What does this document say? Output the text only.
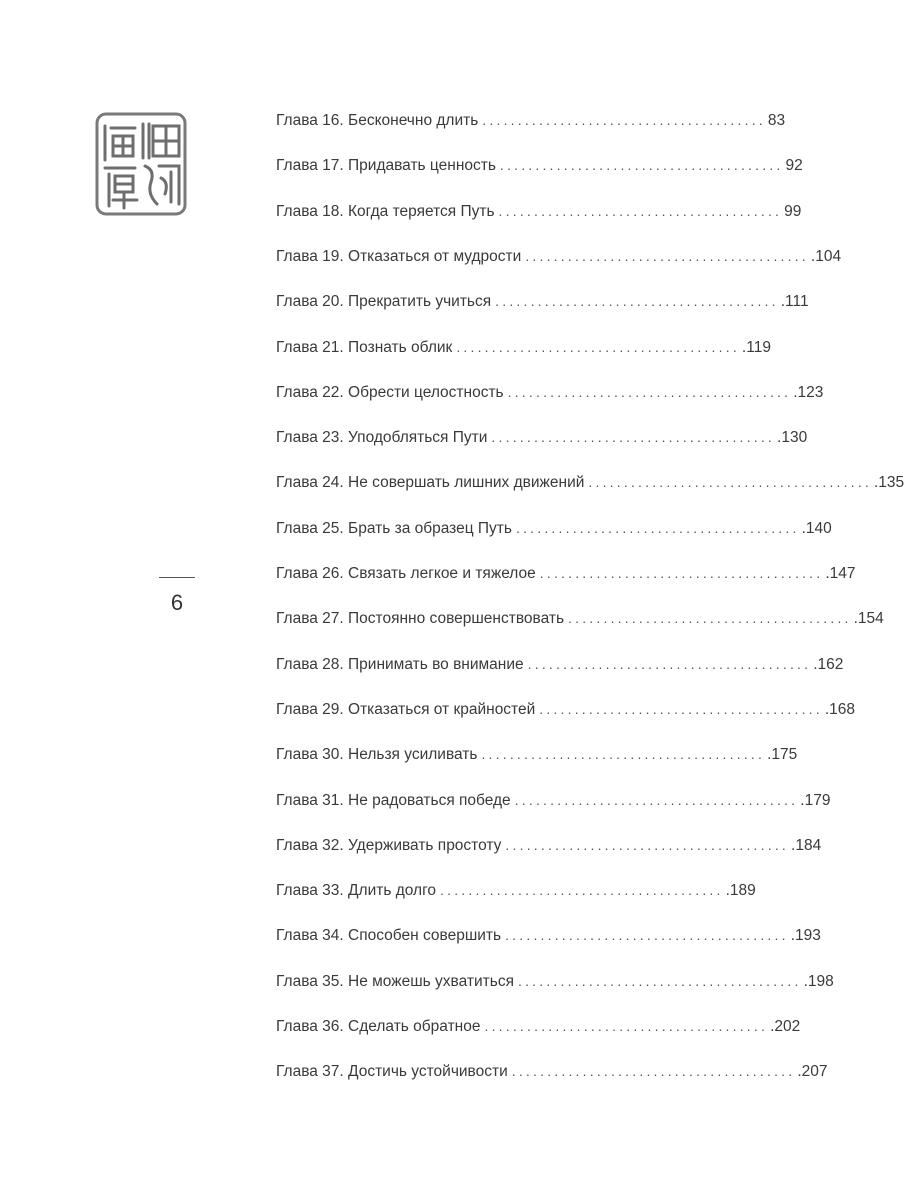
6
Глава 16. Бесконечно длить ........................................ 83
Глава 17. Придавать ценность ........................................ 92
Глава 18. Когда теряется Путь ........................................ 99
Глава 19. Отказаться от мудрости ........................................ .104
Глава 20. Прекратить учиться ........................................ .111
Глава 21. Познать облик ........................................ .119
Глава 22. Обрести целостность ........................................ .123
Глава 23. Уподобляться Пути ........................................ .130
Глава 24. Не совершать лишних движений ........................................ .135
Глава 25. Брать за образец Путь ........................................ .140
Глава 26. Связать легкое и тяжелое ........................................ .147
Глава 27. Постоянно совершенствовать ........................................ .154
Глава 28. Принимать во внимание ........................................ .162
Глава 29. Отказаться от крайностей ........................................ .168
Глава 30. Нельзя усиливать ........................................ .175
Глава 31. Не радоваться победе ........................................ .179
Глава 32. Удерживать простоту ........................................ .184
Глава 33. Длить долго ........................................ .189
Глава 34. Способен совершить ........................................ .193
Глава 35. Не можешь ухватиться ........................................ .198
Глава 36. Сделать обратное ........................................ .202
Глава 37. Достичь устойчивости ........................................ .207
